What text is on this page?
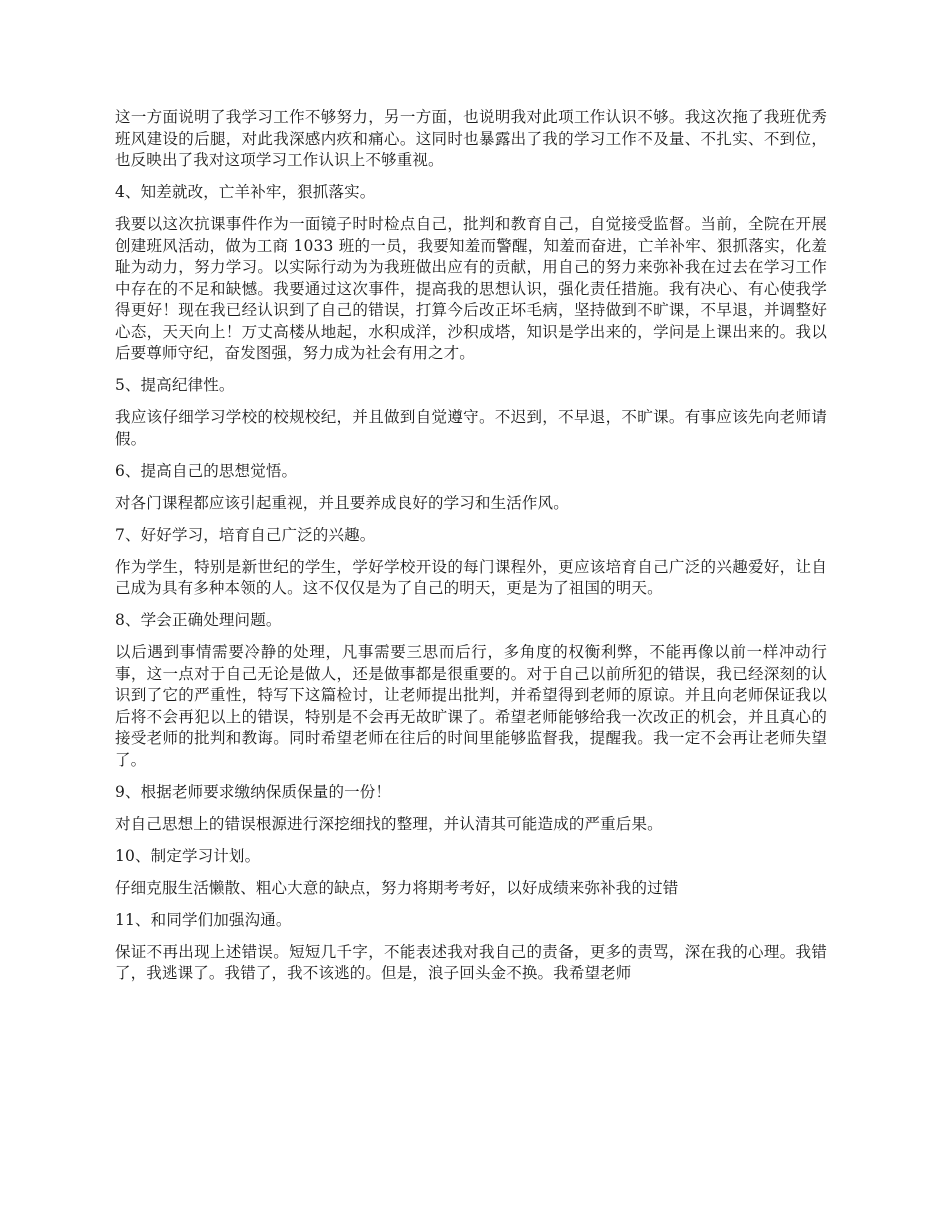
这一方面说明了我学习工作不够努力，另一方面，也说明我对此项工作认识不够。我这次拖了我班优秀班风建设的后腿，对此我深感内疚和痛心。这同时也暴露出了我的学习工作不及量、不扎实、不到位，也反映出了我对这项学习工作认识上不够重视。

4、知差就改，亡羊补牢，狠抓落实。

我要以这次抗课事件作为一面镜子时时检点自己，批判和教育自己，自觉接受监督。当前，全院在开展创建班风活动，做为工商 1033 班的一员，我要知羞而警醒，知羞而奋进，亡羊补牢、狠抓落实，化羞耻为动力，努力学习。以实际行动为为我班做出应有的贡献，用自己的努力来弥补我在过去在学习工作中存在的不足和缺憾。我要通过这次事件，提高我的思想认识，强化责任措施。我有决心、有心使我学得更好！现在我已经认识到了自己的错误，打算今后改正坏毛病，坚持做到不旷课，不早退，并调整好心态，天天向上！万丈高楼从地起，水积成洋，沙积成塔，知识是学出来的，学问是上课出来的。我以后要尊师守纪，奋发图强，努力成为社会有用之才。

5、提高纪律性。

我应该仔细学习学校的校规校纪，并且做到自觉遵守。不迟到，不早退，不旷课。有事应该先向老师请假。

6、提高自己的思想觉悟。

对各门课程都应该引起重视，并且要养成良好的学习和生活作风。

7、好好学习，培育自己广泛的兴趣。

作为学生，特别是新世纪的学生，学好学校开设的每门课程外，更应该培育自己广泛的兴趣爱好，让自己成为具有多种本领的人。这不仅仅是为了自己的明天，更是为了祖国的明天。

8、学会正确处理问题。

以后遇到事情需要冷静的处理，凡事需要三思而后行，多角度的权衡利弊，不能再像以前一样冲动行事，这一点对于自己无论是做人，还是做事都是很重要的。对于自己以前所犯的错误，我已经深刻的认识到了它的严重性，特写下这篇检讨，让老师提出批判，并希望得到老师的原谅。并且向老师保证我以后将不会再犯以上的错误，特别是不会再无故旷课了。希望老师能够给我一次改正的机会，并且真心的接受老师的批判和教诲。同时希望老师在往后的时间里能够监督我，提醒我。我一定不会再让老师失望了。

9、根据老师要求缴纳保质保量的一份！

对自己思想上的错误根源进行深挖细找的整理，并认清其可能造成的严重后果。

10、制定学习计划。

仔细克服生活懒散、粗心大意的缺点，努力将期考考好，以好成绩来弥补我的过错

11、和同学们加强沟通。

保证不再出现上述错误。短短几千字，不能表述我对我自己的责备，更多的责骂，深在我的心理。我错了，我逃课了。我错了，我不该逃的。但是，浪子回头金不换。我希望老师
